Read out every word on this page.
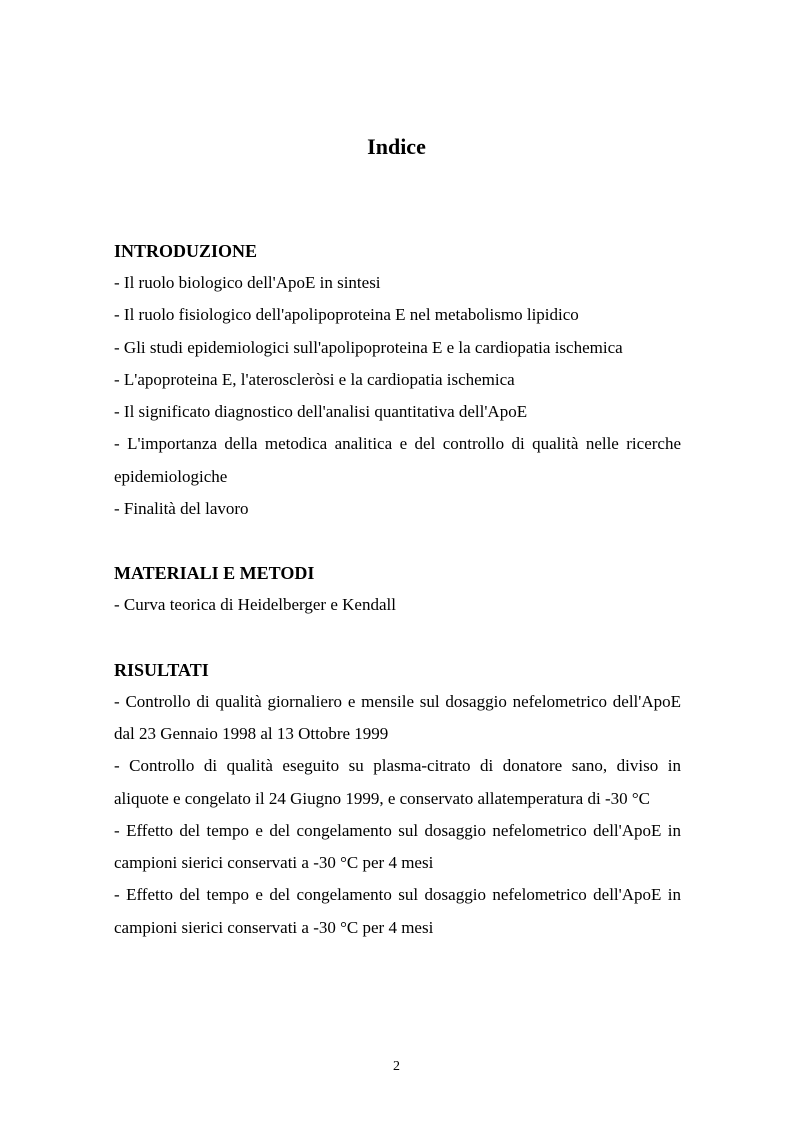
Indice

INTRODUZIONE

- Il ruolo biologico dell'ApoE in sintesi

- Il ruolo fisiologico dell'apolipoproteina E nel metabolismo lipidico

- Gli studi epidemiologici sull'apolipoproteina E e la cardiopatia ischemica

- L'apoproteina E, l'ateroscleròsi e la cardiopatia ischemica

- Il significato diagnostico dell'analisi quantitativa dell'ApoE

- L'importanza della metodica analitica e del controllo di qualità nelle ricerche epidemiologiche

- Finalità del lavoro

MATERIALI E METODI

- Curva teorica di Heidelberger e Kendall

RISULTATI

- Controllo di qualità giornaliero e mensile sul dosaggio nefelometrico dell'ApoE dal 23 Gennaio 1998 al 13 Ottobre 1999

- Controllo di qualità eseguito su plasma-citrato di donatore sano, diviso in aliquote e congelato il 24 Giugno 1999, e conservato allatemperatura di -30 °C

- Effetto del tempo e del congelamento sul dosaggio nefelometrico dell'ApoE in campioni sierici conservati a -30 °C per 4 mesi

- Effetto del tempo e del congelamento sul dosaggio nefelometrico dell'ApoE in campioni sierici conservati a -30 °C per 4 mesi

2
